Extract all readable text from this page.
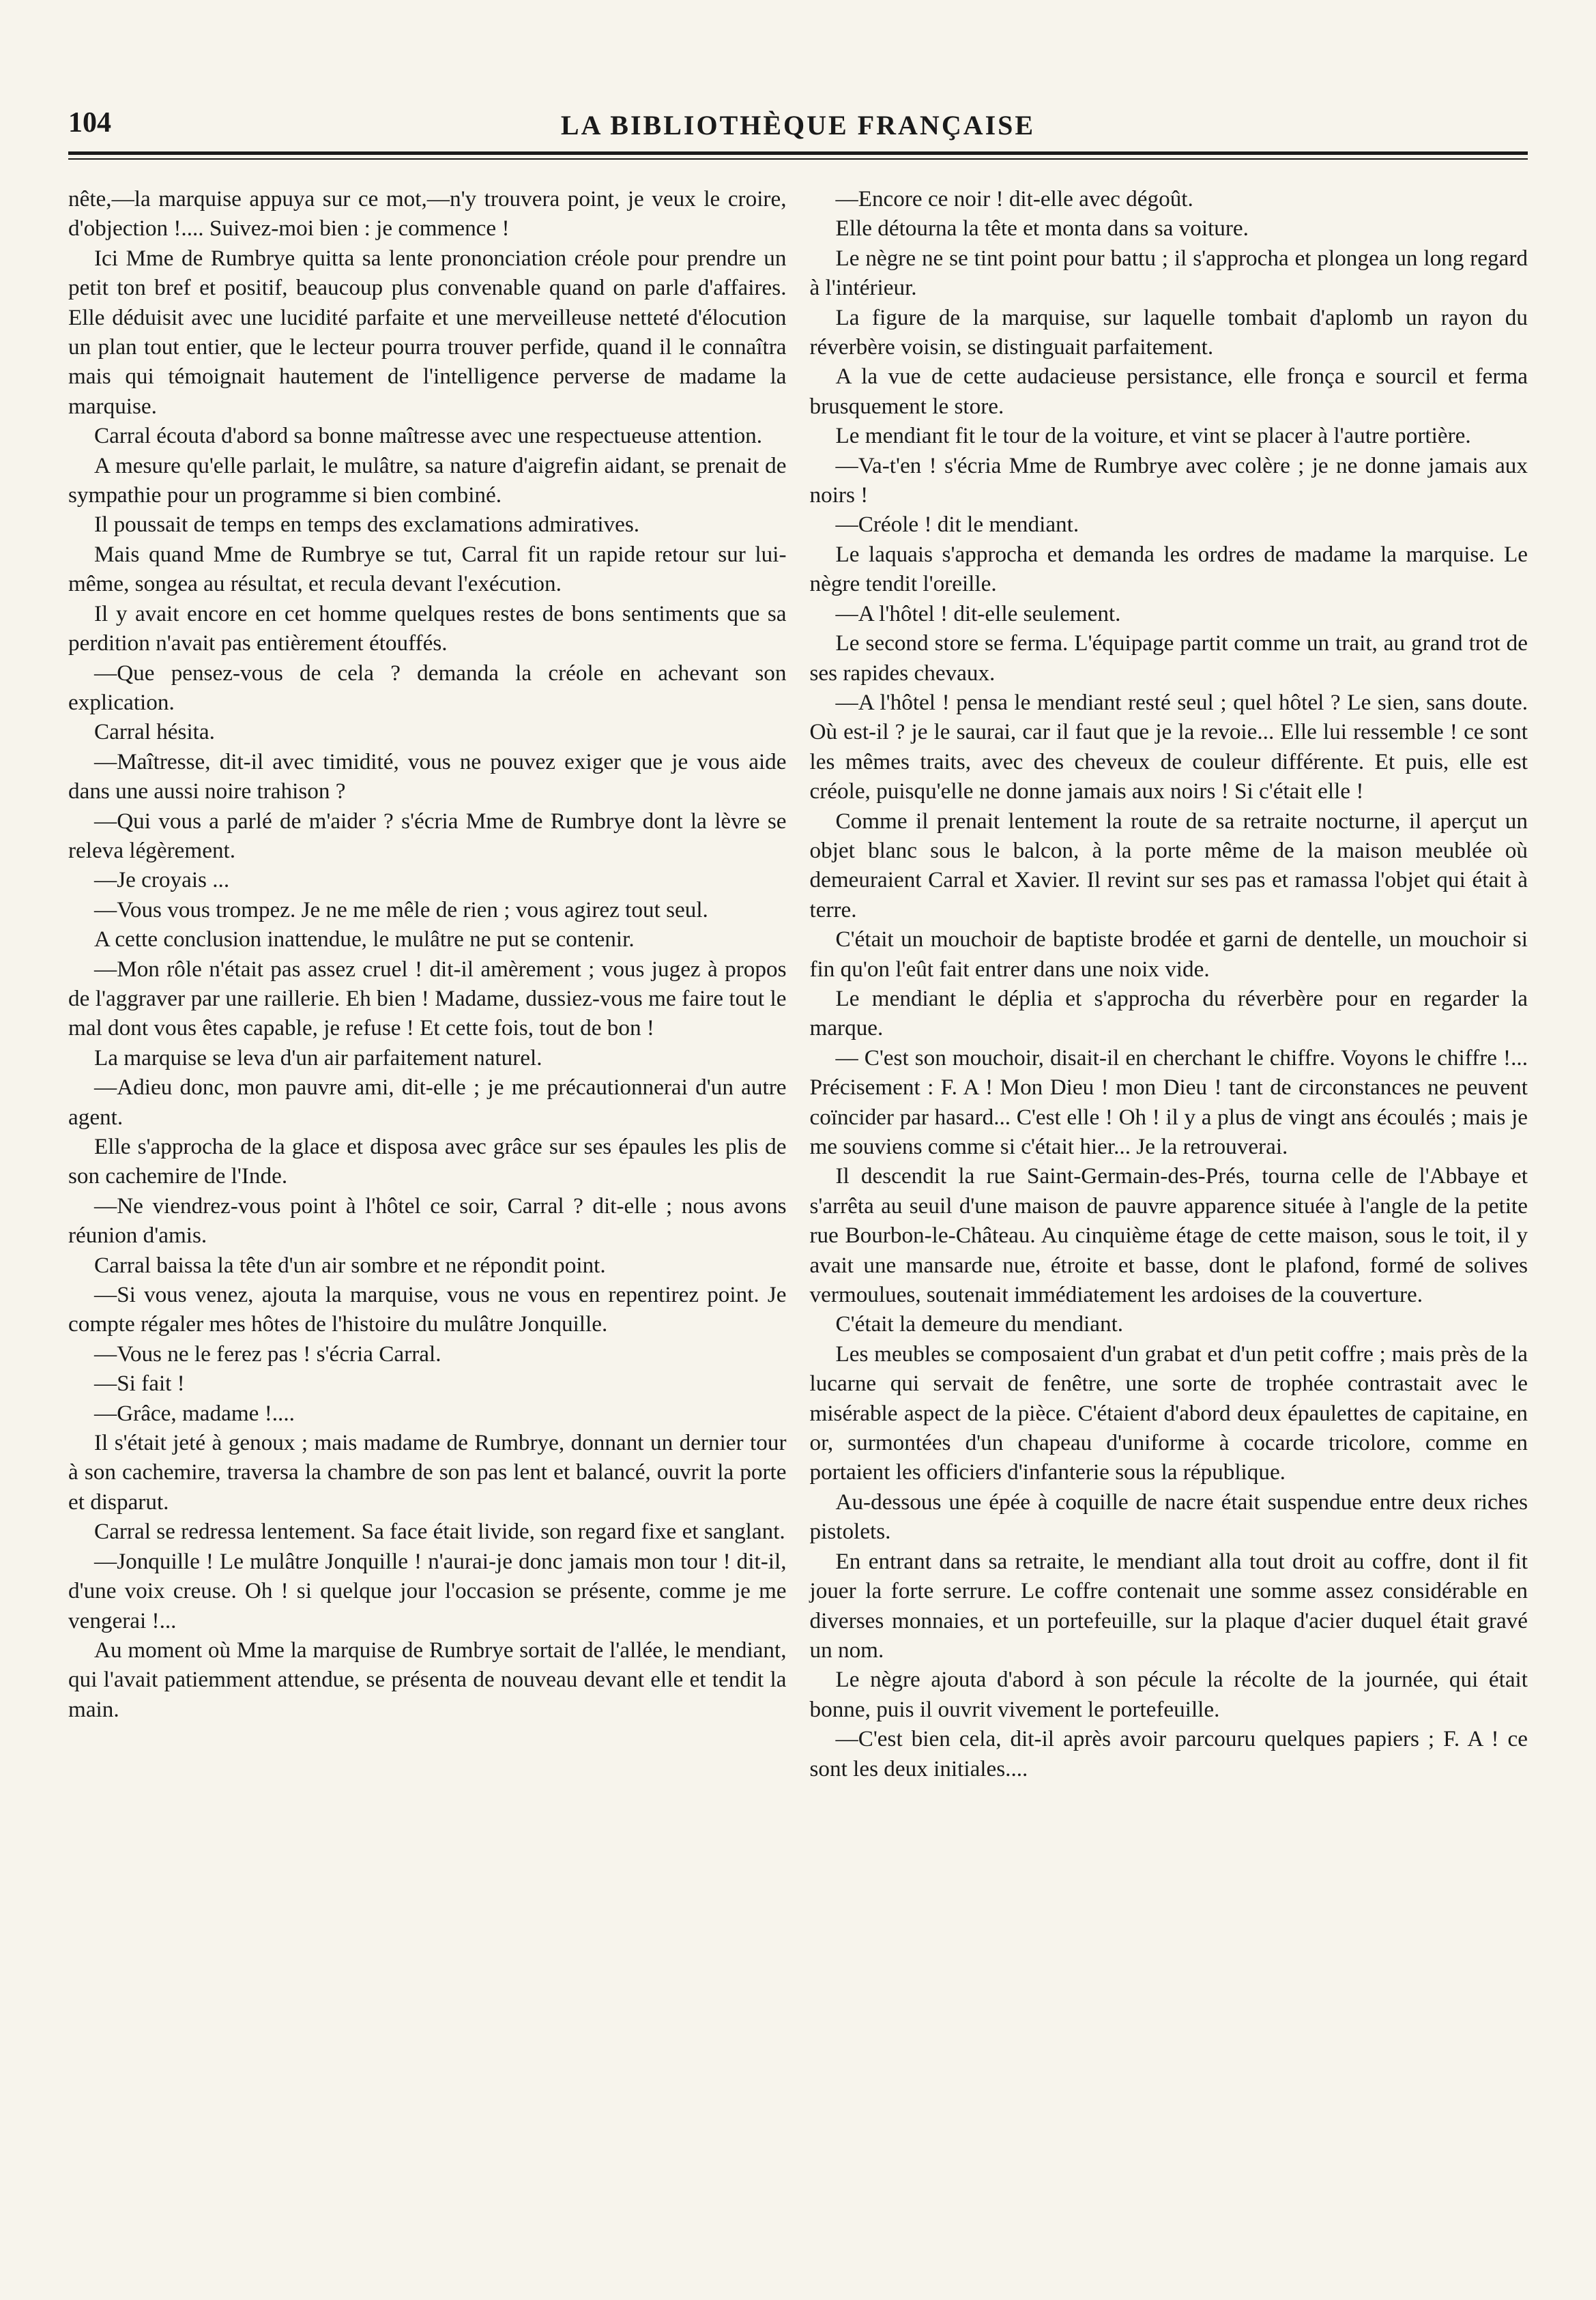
104	LA BIBLIOTHÈQUE FRANÇAISE

nête,—la marquise appuya sur ce mot,—n'y trouvera point, je veux le croire, d'objection !.... Suivez-moi bien : je commence !

Ici Mme de Rumbrye quitta sa lente prononciation créole pour prendre un petit ton bref et positif, beaucoup plus convenable quand on parle d'affaires. Elle déduisit avec une lucidité parfaite et une merveilleuse netteté d'élocution un plan tout entier, que le lecteur pourra trouver perfide, quand il le connaîtra mais qui témoignait hautement de l'intelligence perverse de madame la marquise.

Carral écouta d'abord sa bonne maîtresse avec une respectueuse attention.

A mesure qu'elle parlait, le mulâtre, sa nature d'aigrefin aidant, se prenait de sympathie pour un programme si bien combiné.

Il poussait de temps en temps des exclamations admiratives.

Mais quand Mme de Rumbrye se tut, Carral fit un rapide retour sur lui-même, songea au résultat, et recula devant l'exécution.

Il y avait encore en cet homme quelques restes de bons sentiments que sa perdition n'avait pas entièrement étouffés.

—Que pensez-vous de cela ? demanda la créole en achevant son explication.

Carral hésita.

—Maîtresse, dit-il avec timidité, vous ne pouvez exiger que je vous aide dans une aussi noire trahison ?

—Qui vous a parlé de m'aider ? s'écria Mme de Rumbrye dont la lèvre se releva légèrement.

—Je croyais ...

—Vous vous trompez. Je ne me mêle de rien ; vous agirez tout seul.

A cette conclusion inattendue, le mulâtre ne put se contenir.

—Mon rôle n'était pas assez cruel ! dit-il amèrement ; vous jugez à propos de l'aggraver par une raillerie. Eh bien ! Madame, dussiez-vous me faire tout le mal dont vous êtes capable, je refuse ! Et cette fois, tout de bon !

La marquise se leva d'un air parfaitement naturel.

—Adieu donc, mon pauvre ami, dit-elle ; je me précautionnerai d'un autre agent.

Elle s'approcha de la glace et disposa avec grâce sur ses épaules les plis de son cachemire de l'Inde.

—Ne viendrez-vous point à l'hôtel ce soir, Carral ? dit-elle ; nous avons réunion d'amis.

Carral baissa la tête d'un air sombre et ne répondit point.

—Si vous venez, ajouta la marquise, vous ne vous en repentirez point. Je compte régaler mes hôtes de l'histoire du mulâtre Jonquille.

—Vous ne le ferez pas ! s'écria Carral.

—Si fait !

—Grâce, madame !....

Il s'était jeté à genoux ; mais madame de Rumbrye, donnant un dernier tour à son cachemire, traversa la chambre de son pas lent et balancé, ouvrit la porte et disparut.

Carral se redressa lentement. Sa face était livide, son regard fixe et sanglant.

—Jonquille ! Le mulâtre Jonquille ! n'aurai-je donc jamais mon tour ! dit-il, d'une voix creuse. Oh ! si quelque jour l'occasion se présente, comme je me vengerai !...

Au moment où Mme la marquise de Rumbrye sortait de l'allée, le mendiant, qui l'avait patiemment attendue, se présenta de nouveau devant elle et tendit la main.

—Encore ce noir ! dit-elle avec dégoût.

Elle détourna la tête et monta dans sa voiture.

Le nègre ne se tint point pour battu ; il s'approcha et plongea un long regard à l'intérieur.

La figure de la marquise, sur laquelle tombait d'aplomb un rayon du réverbère voisin, se distinguait parfaitement.

A la vue de cette audacieuse persistance, elle fronça e sourcil et ferma brusquement le store.

Le mendiant fit le tour de la voiture, et vint se placer à l'autre portière.

—Va-t'en ! s'écria Mme de Rumbrye avec colère ; je ne donne jamais aux noirs !

—Créole ! dit le mendiant.

Le laquais s'approcha et demanda les ordres de madame la marquise. Le nègre tendit l'oreille.

—A l'hôtel ! dit-elle seulement.

Le second store se ferma. L'équipage partit comme un trait, au grand trot de ses rapides chevaux.

—A l'hôtel ! pensa le mendiant resté seul ; quel hôtel ? Le sien, sans doute. Où est-il ? je le saurai, car il faut que je la revoie... Elle lui ressemble ! ce sont les mêmes traits, avec des cheveux de couleur différente. Et puis, elle est créole, puisqu'elle ne donne jamais aux noirs ! Si c'était elle !

Comme il prenait lentement la route de sa retraite nocturne, il aperçut un objet blanc sous le balcon, à la porte même de la maison meublée où demeuraient Carral et Xavier. Il revint sur ses pas et ramassa l'objet qui était à terre.

C'était un mouchoir de baptiste brodée et garni de dentelle, un mouchoir si fin qu'on l'eût fait entrer dans une noix vide.

Le mendiant le déplia et s'approcha du réverbère pour en regarder la marque.

— C'est son mouchoir, disait-il en cherchant le chiffre. Voyons le chiffre !... Précisement : F. A ! Mon Dieu ! mon Dieu ! tant de circonstances ne peuvent coïncider par hasard... C'est elle ! Oh ! il y a plus de vingt ans écoulés ; mais je me souviens comme si c'était hier... Je la retrouverai.

Il descendit la rue Saint-Germain-des-Prés, tourna celle de l'Abbaye et s'arrêta au seuil d'une maison de pauvre apparence située à l'angle de la petite rue Bourbon-le-Château. Au cinquième étage de cette maison, sous le toit, il y avait une mansarde nue, étroite et basse, dont le plafond, formé de solives vermoulues, soutenait immédiatement les ardoises de la couverture.

C'était la demeure du mendiant.

Les meubles se composaient d'un grabat et d'un petit coffre ; mais près de la lucarne qui servait de fenêtre, une sorte de trophée contrastait avec le misérable aspect de la pièce. C'étaient d'abord deux épaulettes de capitaine, en or, surmontées d'un chapeau d'uniforme à cocarde tricolore, comme en portaient les officiers d'infanterie sous la république.

Au-dessous une épée à coquille de nacre était suspendue entre deux riches pistolets.

En entrant dans sa retraite, le mendiant alla tout droit au coffre, dont il fit jouer la forte serrure. Le coffre contenait une somme assez considérable en diverses monnaies, et un portefeuille, sur la plaque d'acier duquel était gravé un nom.

Le nègre ajouta d'abord à son pécule la récolte de la journée, qui était bonne, puis il ouvrit vivement le portefeuille.

—C'est bien cela, dit-il après avoir parcouru quelques papiers ; F. A ! ce sont les deux initiales....
